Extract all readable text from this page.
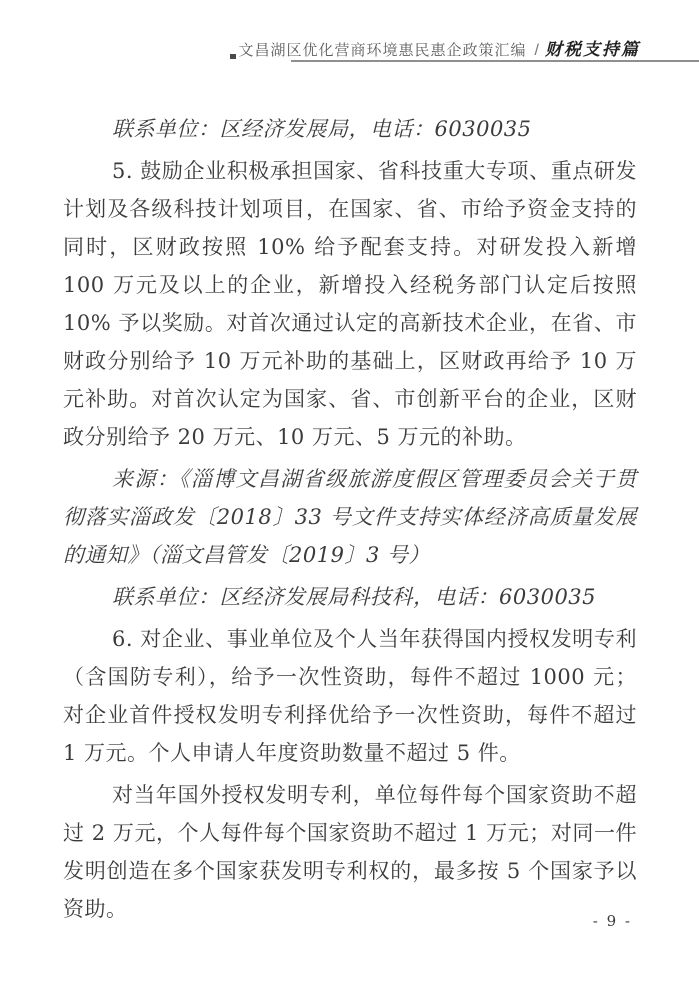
文昌湖区优化营商环境惠民惠企政策汇编 / 财税支持篇

联系单位：区经济发展局，电话：6030035

5. 鼓励企业积极承担国家、省科技重大专项、重点研发计划及各级科技计划项目，在国家、省、市给予资金支持的同时，区财政按照 10% 给予配套支持。对研发投入新增 100 万元及以上的企业，新增投入经税务部门认定后按照 10% 予以奖励。对首次通过认定的高新技术企业，在省、市财政分别给予 10 万元补助的基础上，区财政再给予 10 万元补助。对首次认定为国家、省、市创新平台的企业，区财政分别给予 20 万元、10 万元、5 万元的补助。

来源：《淄博文昌湖省级旅游度假区管理委员会关于贯彻落实淄政发〔2018〕33 号文件支持实体经济高质量发展的通知》（淄文昌管发〔2019〕3 号）

联系单位：区经济发展局科技科，电话：6030035

6. 对企业、事业单位及个人当年获得国内授权发明专利（含国防专利），给予一次性资助，每件不超过 1000 元；对企业首件授权发明专利择优给予一次性资助，每件不超过 1 万元。个人申请人年度资助数量不超过 5 件。

对当年国外授权发明专利，单位每件每个国家资助不超过 2 万元，个人每件每个国家资助不超过 1 万元；对同一件发明创造在多个国家获发明专利权的，最多按 5 个国家予以资助。	- 9 -
